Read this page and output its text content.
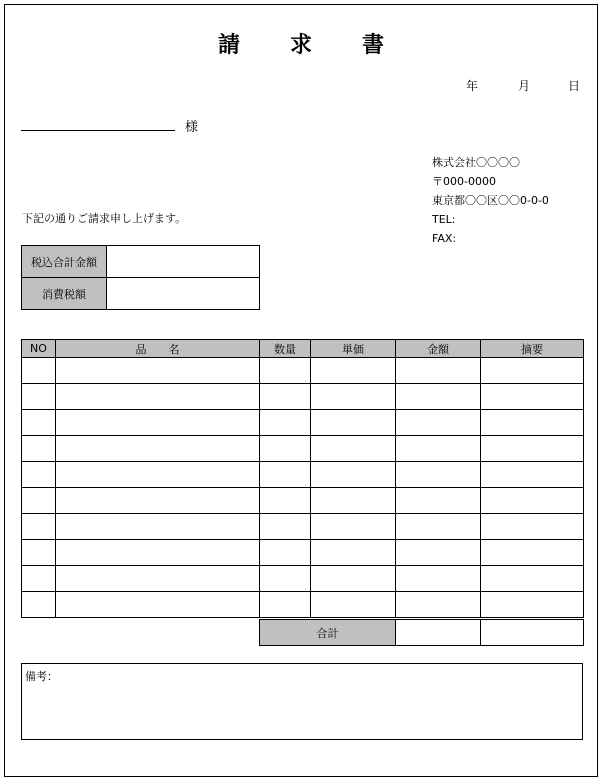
請 求 書
年	月	日
様
株式会社〇〇〇〇
〒000-0000
東京都〇〇区〇〇0-0-0
TEL:
FAX:
下記の通りご請求申し上げます。
税込合計金額	
消費税額	
NO	品　　名	数量	単価	金額	摘要

合計		
備考：
